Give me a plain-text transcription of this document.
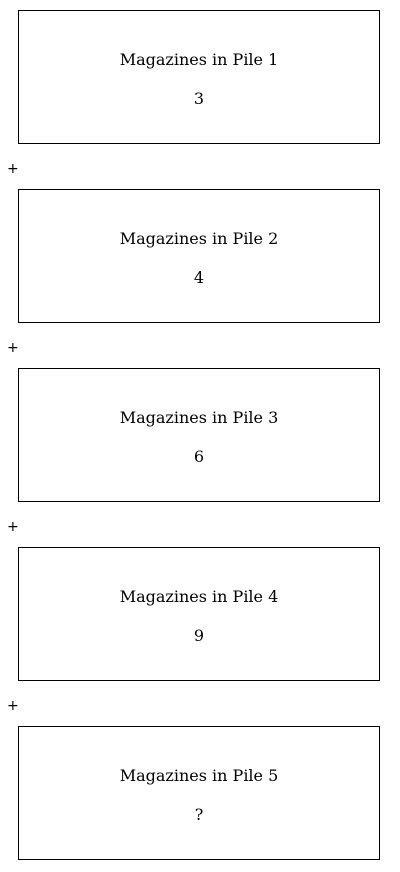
Magazines in Pile 1
3
+
Magazines in Pile 2
4
+
Magazines in Pile 3
6
+
Magazines in Pile 4
9
+
Magazines in Pile 5
?
